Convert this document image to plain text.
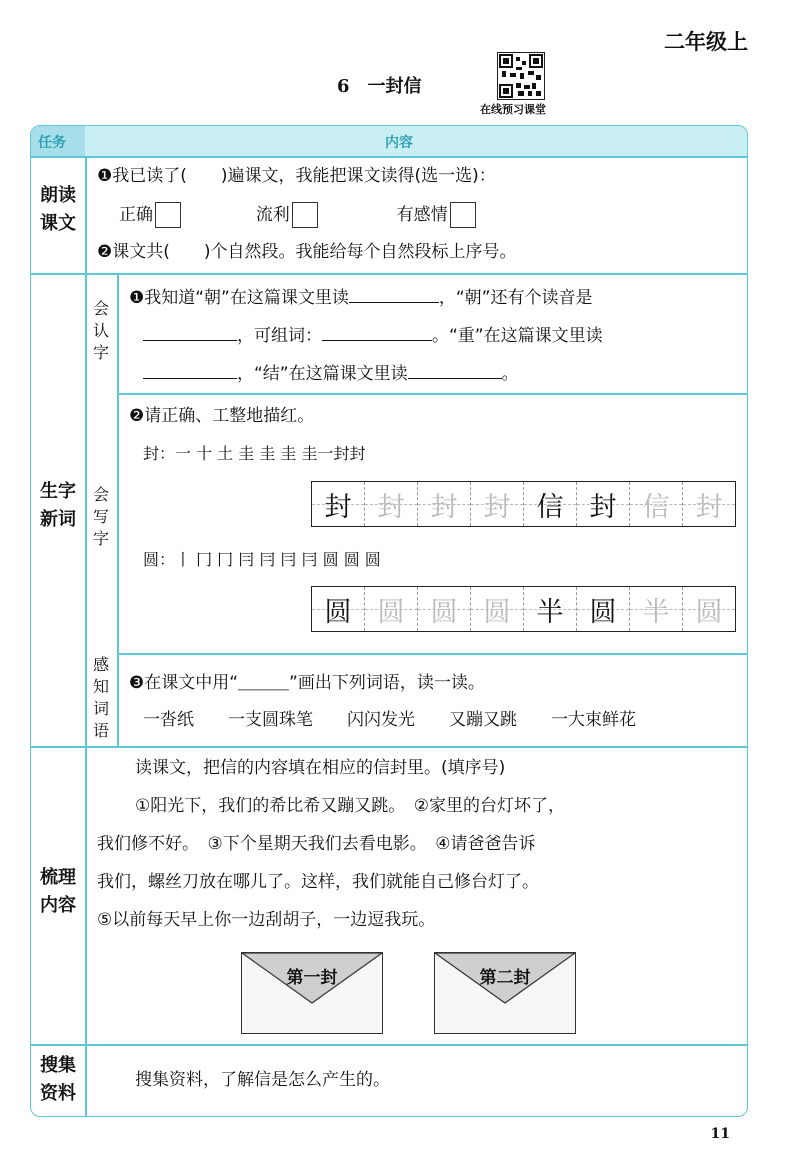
二年级上
6 一封信
在线预习课堂
任务	内容
朗读
课文
❶我已读了(　　)遍课文，我能把课文读得(选一选)：
正确	流利	有感情
❷课文共(　　)个自然段。我能给每个自然段标上序号。
生字
新词
会
认
字
❶我知道“朝”在这篇课文里读	，“朝”还有个读音是
，可组词：	。“重”在这篇课文里读
，“结”在这篇课文里读	。
会
写
字
❷请正确、工整地描红。
封：⼀ ⼗ 土 圭 圭 圭 圭⼀封封
封 封 封 封 信 封 信 封
圆：丨 冂 冂 冃 冃 冃 冃 圆 圆 圆
圆 圆 圆 圆 半 圆 半 圆
感
知
词
语
❸在课文中用“＿＿＿”画出下列词语，读一读。
一沓纸 一支圆珠笔 闪闪发光 又蹦又跳 一大束鲜花
梳理
内容
读课文，把信的内容填在相应的信封里。(填序号)
①阳光下，我们的希比希又蹦又跳。　②家里的台灯坏了，
我们修不好。　③下个星期天我们去看电影。　④请爸爸告诉
我们，螺丝刀放在哪儿了。这样，我们就能自己修台灯了。
⑤以前每天早上你一边刮胡子，一边逗我玩。
第一封	第二封
搜集
资料
搜集资料，了解信是怎么产生的。
11
